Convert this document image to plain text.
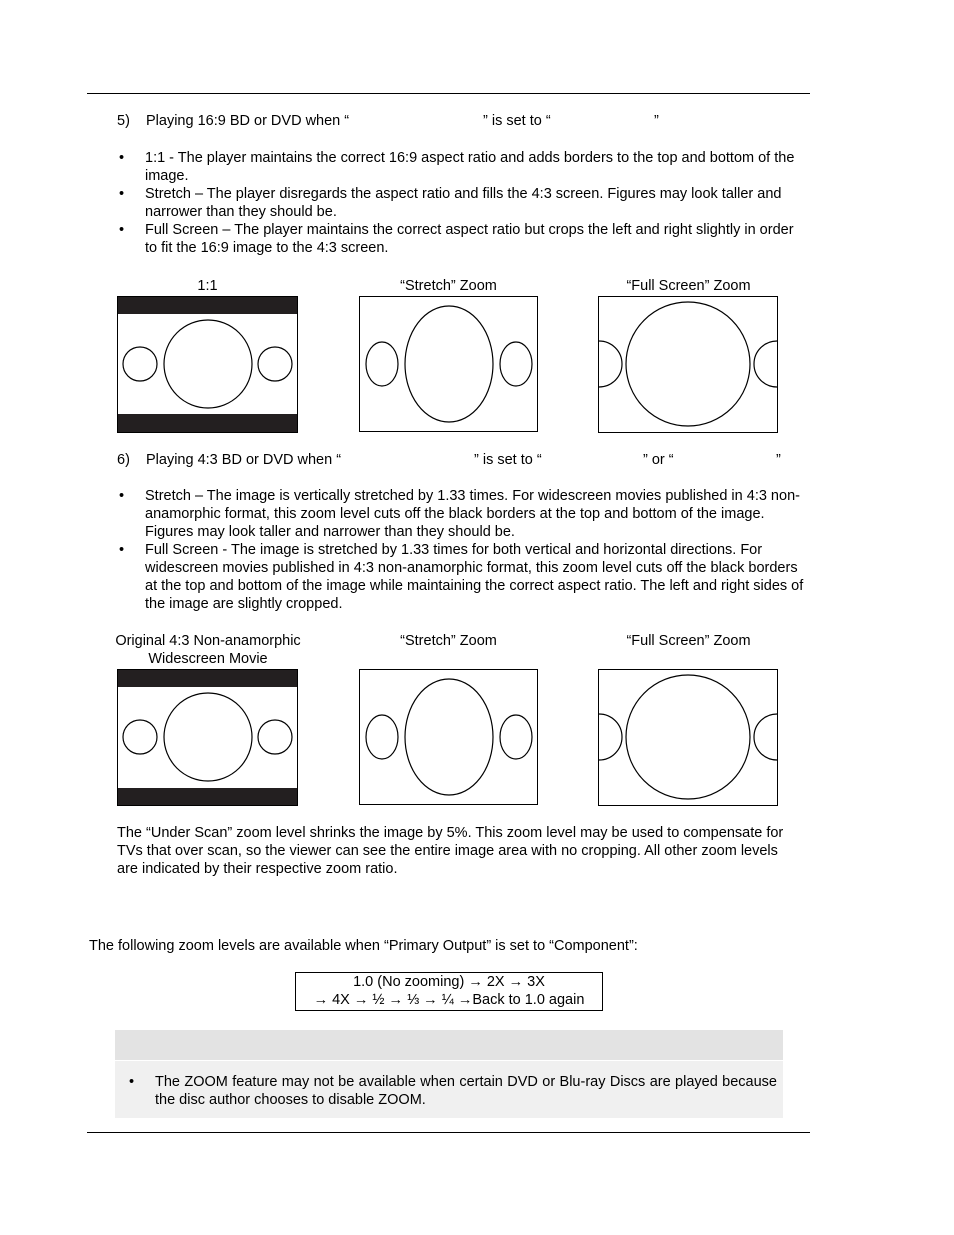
5) Playing 16:9 BD or DVD when “	” is set to “	”
• 1:1 - The player maintains the correct 16:9 aspect ratio and adds borders to the top and bottom of the image.
• Stretch – The player disregards the aspect ratio and fills the 4:3 screen. Figures may look taller and narrower than they should be.
• Full Screen – The player maintains the correct aspect ratio but crops the left and right slightly in order to fit the 16:9 image to the 4:3 screen.
1:1	“Stretch” Zoom	“Full Screen” Zoom
6) Playing 4:3 BD or DVD when “	” is set to “	” or “	”
• Stretch – The image is vertically stretched by 1.33 times. For widescreen movies published in 4:3 non-anamorphic format, this zoom level cuts off the black borders at the top and bottom of the image. Figures may look taller and narrower than they should be.
• Full Screen - The image is stretched by 1.33 times for both vertical and horizontal directions. For widescreen movies published in 4:3 non-anamorphic format, this zoom level cuts off the black borders at the top and bottom of the image while maintaining the correct aspect ratio. The left and right sides of the image are slightly cropped.
Original 4:3 Non-anamorphic
Widescreen Movie
“Stretch” Zoom	“Full Screen” Zoom

The “Under Scan” zoom level shrinks the image by 5%. This zoom level may be used to compensate for TVs that over scan, so the viewer can see the entire image area with no cropping. All other zoom levels are indicated by their respective zoom ratio.

The following zoom levels are available when “Primary Output” is set to “Component”:

1.0 (No zooming) → 2X → 3X
→ 4X → ½ → ⅓ → ¼ →Back to 1.0 again
• The ZOOM feature may not be available when certain DVD or Blu-ray Discs are played because the disc author chooses to disable ZOOM.
